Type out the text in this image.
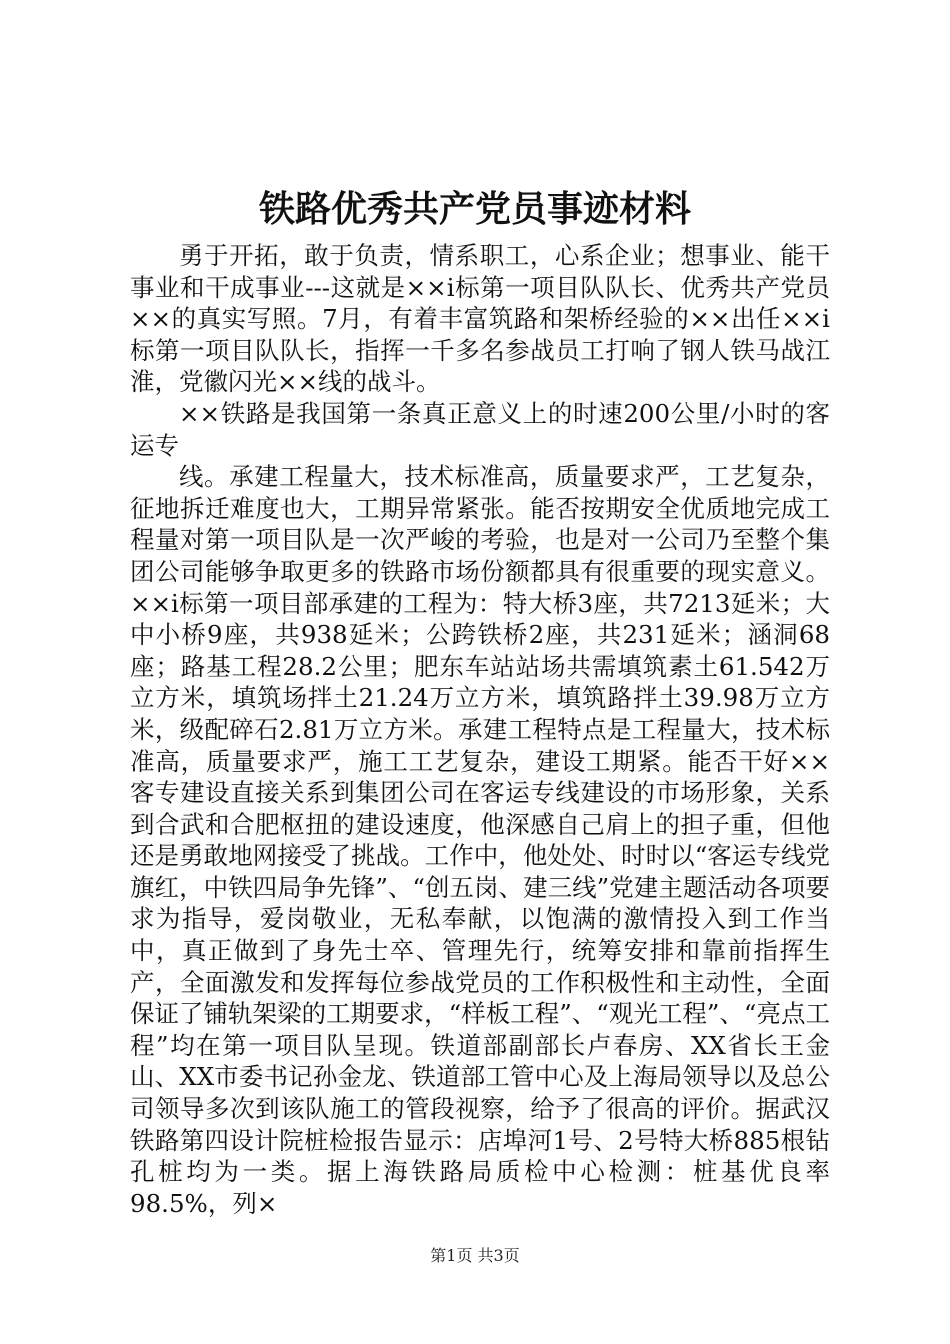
铁路优秀共产党员事迹材料

勇于开拓，敢于负责，情系职工，心系企业；想事业、能干事业和干成事业---这就是××i标第一项目队队长、优秀共产党员××的真实写照。7月，有着丰富筑路和架桥经验的××出任××i标第一项目队队长，指挥一千多名参战员工打响了钢人铁马战江淮，党徽闪光××线的战斗。

××铁路是我国第一条真正意义上的时速200公里/小时的客运专

线。承建工程量大，技术标准高，质量要求严，工艺复杂，征地拆迁难度也大，工期异常紧张。能否按期安全优质地完成工程量对第一项目队是一次严峻的考验，也是对一公司乃至整个集团公司能够争取更多的铁路市场份额都具有很重要的现实意义。××i标第一项目部承建的工程为：特大桥3座，共7213延米；大中小桥9座，共938延米；公跨铁桥2座，共231延米；涵洞68座；路基工程28.2公里；肥东车站站场共需填筑素土61.542万立方米，填筑场拌土21.24万立方米，填筑路拌土39.98万立方米，级配碎石2.81万立方米。承建工程特点是工程量大，技术标准高，质量要求严，施工工艺复杂，建设工期紧。能否干好××客专建设直接关系到集团公司在客运专线建设的市场形象，关系到合武和合肥枢扭的建设速度，他深感自己肩上的担子重，但他还是勇敢地网接受了挑战。工作中，他处处、时时以“客运专线党旗红，中铁四局争先锋”、“创五岗、建三线”党建主题活动各项要求为指导，爱岗敬业，无私奉献，以饱满的激情投入到工作当中，真正做到了身先士卒、管理先行，统筹安排和靠前指挥生产，全面激发和发挥每位参战党员的工作积极性和主动性，全面保证了铺轨架梁的工期要求，“样板工程”、“观光工程”、“亮点工程”均在第一项目队呈现。铁道部副部长卢春房、XX省长王金山、XX市委书记孙金龙、铁道部工管中心及上海局领导以及总公司领导多次到该队施工的管段视察，给予了很高的评价。据武汉铁路第四设计院桩检报告显示：店埠河1号、2号特大桥885根钻孔桩均为一类。据上海铁路局质检中心检测：桩基优良率98.5%，列×

第1页 共3页
